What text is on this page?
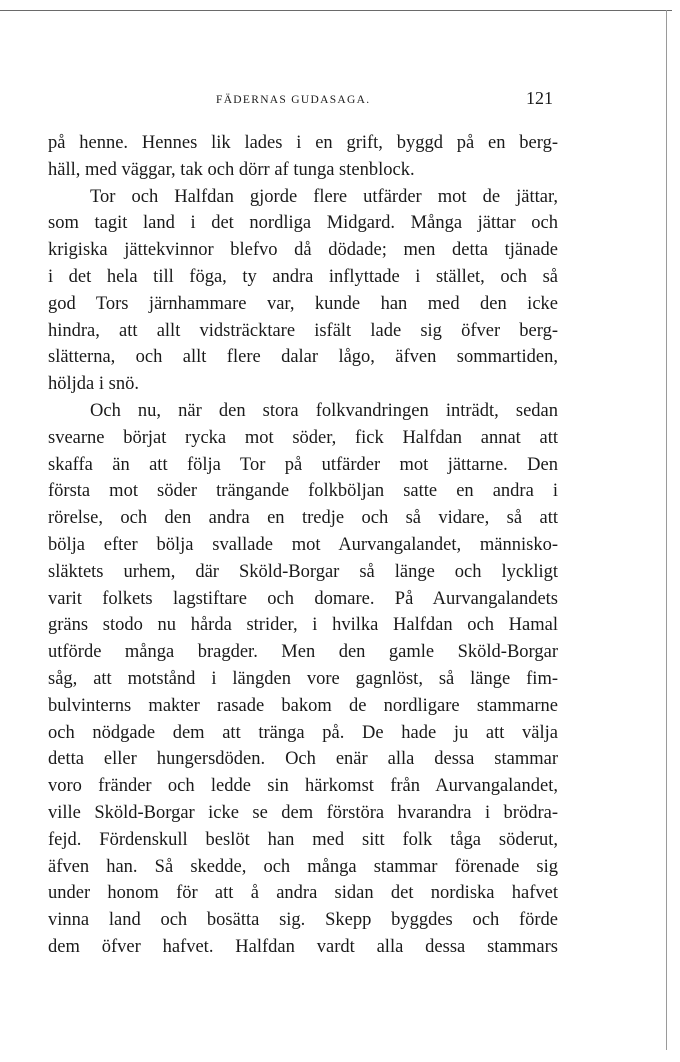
FÄDERNAS GUDASAGA.	121
på henne. Hennes lik lades i en grift, byggd på en berg-
häll, med väggar, tak och dörr af tunga stenblock.
Tor och Halfdan gjorde flere utfärder mot de jättar,
som tagit land i det nordliga Midgard. Många jättar och
krigiska jättekvinnor blefvo då dödade; men detta tjänade
i det hela till föga, ty andra inflyttade i stället, och så
god Tors järnhammare var, kunde han med den icke
hindra, att allt vidsträcktare isfält lade sig öfver berg-
slätterna, och allt flere dalar lågo, äfven sommartiden,
höljda i snö.
Och nu, när den stora folkvandringen inträdt, sedan
svearne börjat rycka mot söder, fick Halfdan annat att
skaffa än att följa Tor på utfärder mot jättarne. Den
första mot söder trängande folkböljan satte en andra i
rörelse, och den andra en tredje och så vidare, så att
bölja efter bölja svallade mot Aurvangalandet, människo-
släktets urhem, där Sköld-Borgar så länge och lyckligt
varit folkets lagstiftare och domare. På Aurvangalandets
gräns stodo nu hårda strider, i hvilka Halfdan och Hamal
utförde många bragder. Men den gamle Sköld-Borgar
såg, att motstånd i längden vore gagnlöst, så länge fim-
bulvinterns makter rasade bakom de nordligare stammarne
och nödgade dem att tränga på. De hade ju att välja
detta eller hungersdöden. Och enär alla dessa stammar
voro fränder och ledde sin härkomst från Aurvangalandet,
ville Sköld-Borgar icke se dem förstöra hvarandra i brödra-
fejd. Fördenskull beslöt han med sitt folk tåga söderut,
äfven han. Så skedde, och många stammar förenade sig
under honom för att å andra sidan det nordiska hafvet
vinna land och bosätta sig. Skepp byggdes och förde
dem öfver hafvet. Halfdan vardt alla dessa stammars
